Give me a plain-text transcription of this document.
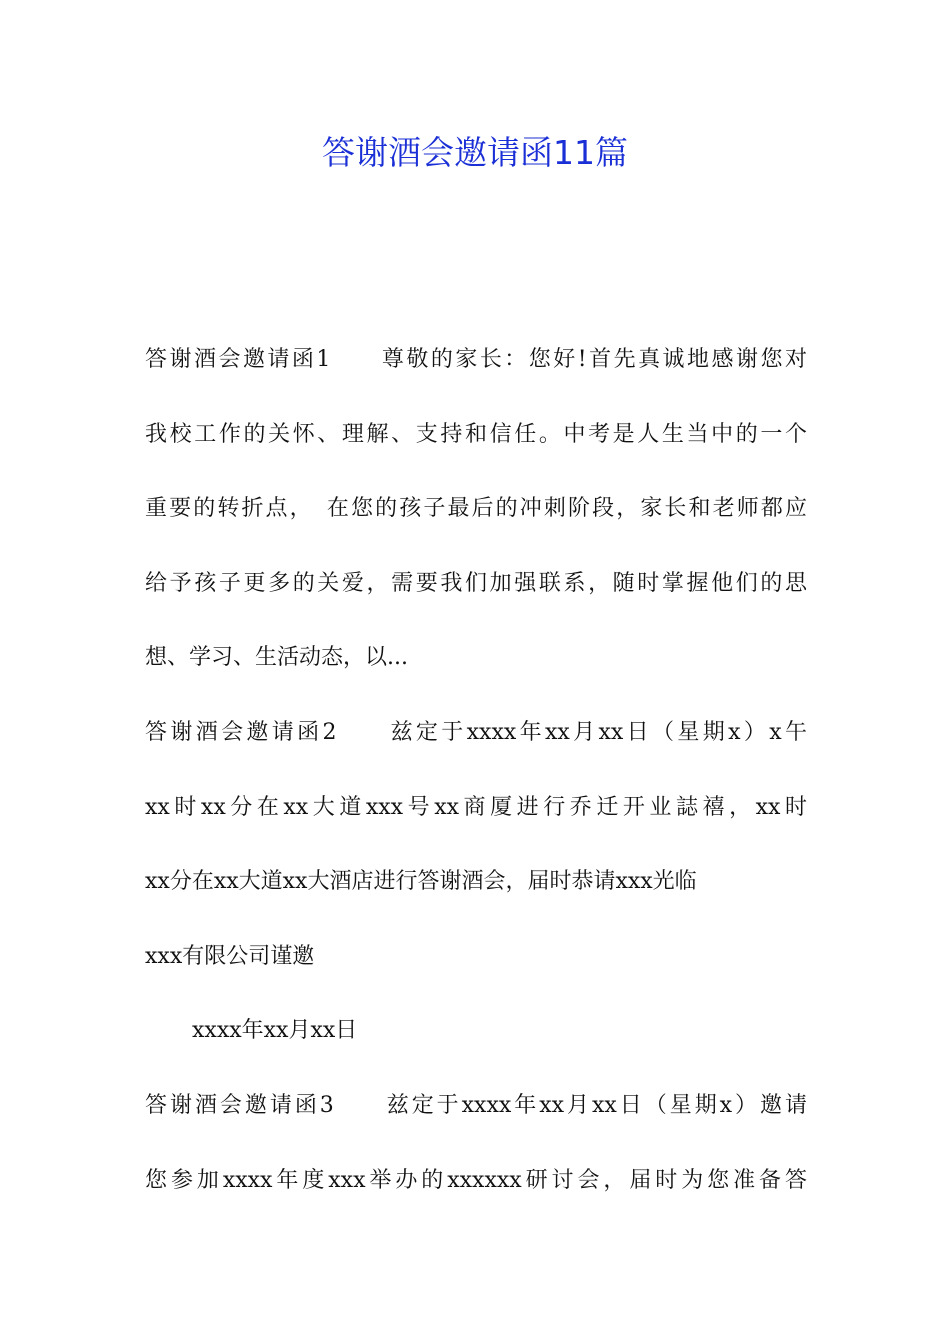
答谢酒会邀请函11篇
答谢酒会邀请函1　　尊敬的家长：您好!首先真诚地感谢您对
我校工作的关怀、理解、支持和信任。中考是人生当中的一个
重要的转折点，　在您的孩子最后的冲刺阶段，家长和老师都应
给予孩子更多的关爱，需要我们加强联系，随时掌握他们的思
想、学习、生活动态，以...
答谢酒会邀请函2　　兹定于xxxx年xx月xx日（星期x）x午
xx时xx分在xx大道xxx号xx商厦进行乔迁开业誌禧，xx时
xx分在xx大道xx大酒店进行答谢酒会，届时恭请xxx光临
xxx有限公司谨邀
xxxx年xx月xx日
答谢酒会邀请函3　　兹定于xxxx年xx月xx日（星期x）邀请
您参加xxxx年度xxx举办的xxxxxx研讨会，届时为您准备答
